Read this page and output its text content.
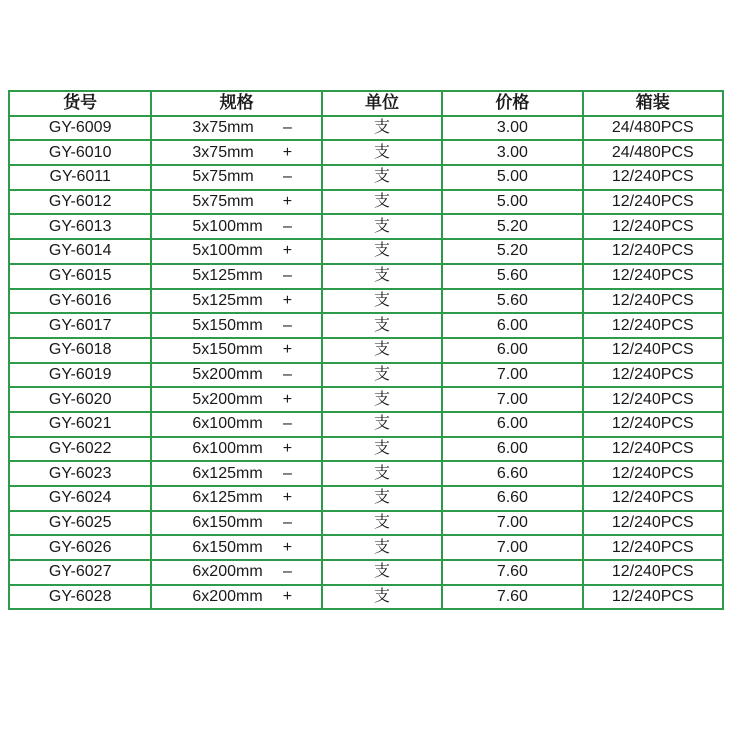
货号	规格	单位	价格	箱装
GY-6009	3x75mm –	支	3.00	24/480PCS
GY-6010	3x75mm +	支	3.00	24/480PCS
GY-6011	5x75mm –	支	5.00	12/240PCS
GY-6012	5x75mm +	支	5.00	12/240PCS
GY-6013	5x100mm –	支	5.20	12/240PCS
GY-6014	5x100mm +	支	5.20	12/240PCS
GY-6015	5x125mm –	支	5.60	12/240PCS
GY-6016	5x125mm +	支	5.60	12/240PCS
GY-6017	5x150mm –	支	6.00	12/240PCS
GY-6018	5x150mm +	支	6.00	12/240PCS
GY-6019	5x200mm –	支	7.00	12/240PCS
GY-6020	5x200mm +	支	7.00	12/240PCS
GY-6021	6x100mm –	支	6.00	12/240PCS
GY-6022	6x100mm +	支	6.00	12/240PCS
GY-6023	6x125mm –	支	6.60	12/240PCS
GY-6024	6x125mm +	支	6.60	12/240PCS
GY-6025	6x150mm –	支	7.00	12/240PCS
GY-6026	6x150mm +	支	7.00	12/240PCS
GY-6027	6x200mm –	支	7.60	12/240PCS
GY-6028	6x200mm +	支	7.60	12/240PCS
